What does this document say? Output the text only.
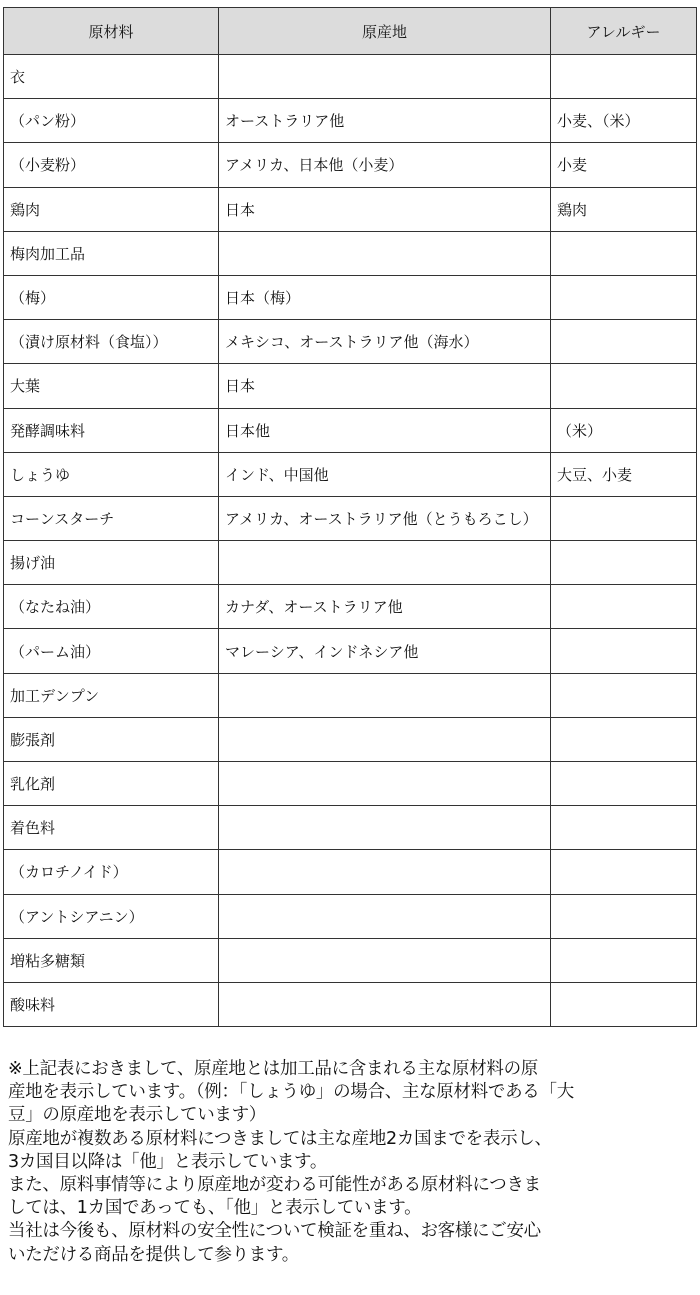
原材料	原産地	アレルギー
衣		
（パン粉）	オーストラリア他	小麦、（米）
（小麦粉）	アメリカ、日本他（小麦）	小麦
鶏肉	日本	鶏肉
梅肉加工品		
（梅）	日本（梅）	
（漬け原材料（食塩））	メキシコ、オーストラリア他（海水）	
大葉	日本	
発酵調味料	日本他	（米）
しょうゆ	インド、中国他	大豆、小麦
コーンスターチ	アメリカ、オーストラリア他（とうもろこし）	
揚げ油		
（なたね油）	カナダ、オーストラリア他	
（パーム油）	マレーシア、インドネシア他	
加工デンプン		
膨張剤		
乳化剤		
着色料		
（カロチノイド）		
（アントシアニン）		
増粘多糖類		
酸味料		

※上記表におきまして、原産地とは加工品に含まれる主な原材料の原

産地を表示しています。（例：「しょうゆ」の場合、主な原材料である「大

豆」の原産地を表示しています）

原産地が複数ある原材料につきましては主な産地2カ国までを表示し、

3カ国目以降は「他」と表示しています。

また、原料事情等により原産地が変わる可能性がある原材料につきま

しては、1カ国であっても、「他」と表示しています。

当社は今後も、原材料の安全性について検証を重ね、お客様にご安心

いただける商品を提供して参ります。
